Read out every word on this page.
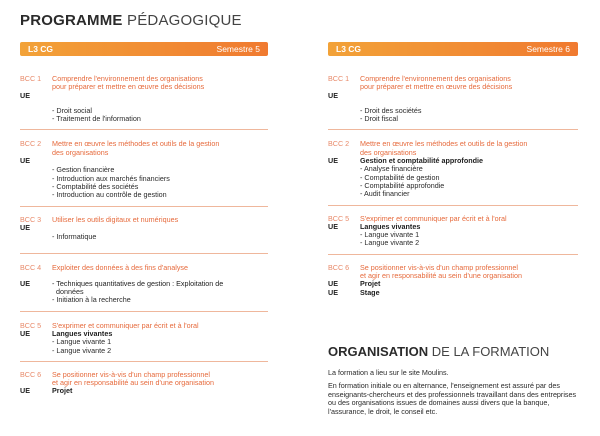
PROGRAMME PÉDAGOGIQUE
L3 CG	Semestre 5
BCC 1	Comprendre l'environnement des organisations
pour préparer et mettre en œuvre des décisions
UE
- Droit social
- Traitement de l'information
BCC 2	Mettre en œuvre les méthodes et outils de la gestion
des organisations
UE
- Gestion financière
- Introduction aux marchés financiers
- Comptabilité des sociétés
- Introduction au contrôle de gestion
BCC 3	Utiliser les outils digitaux et numériques
UE
- Informatique
BCC 4	Exploiter des données à des fins d'analyse
UE	- Techniques quantitatives de gestion : Exploitation de
données
- Initiation à la recherche
BCC 5	S'exprimer et communiquer par écrit et à l'oral
UE	Langues vivantes
- Langue vivante 1
- Langue vivante 2
BCC 6	Se positionner vis-à-vis d'un champ professionnel
et agir en responsabilité au sein d'une organisation
UE	Projet
L3 CG	Semestre 6
BCC 1	Comprendre l'environnement des organisations
pour préparer et mettre en œuvre des décisions
UE
- Droit des sociétés
- Droit fiscal
BCC 2	Mettre en œuvre les méthodes et outils de la gestion
des organisations
UE	Gestion et comptabilité approfondie
- Analyse financière
- Comptabilité de gestion
- Comptabilité approfondie
- Audit financier
BCC 5	S'exprimer et communiquer par écrit et à l'oral
UE	Langues vivantes
- Langue vivante 1
- Langue vivante 2
BCC 6	Se positionner vis-à-vis d'un champ professionnel
et agir en responsabilité au sein d'une organisation
UE	Projet
UE	Stage
ORGANISATION DE LA FORMATION

La formation a lieu sur le site Moulins.

En formation initiale ou en alternance, l'enseignement est assuré par des enseignants-chercheurs et des professionnels travaillant dans des entreprises ou des organisations issues de domaines aussi divers que la banque, l'assurance, le droit, le conseil etc.
